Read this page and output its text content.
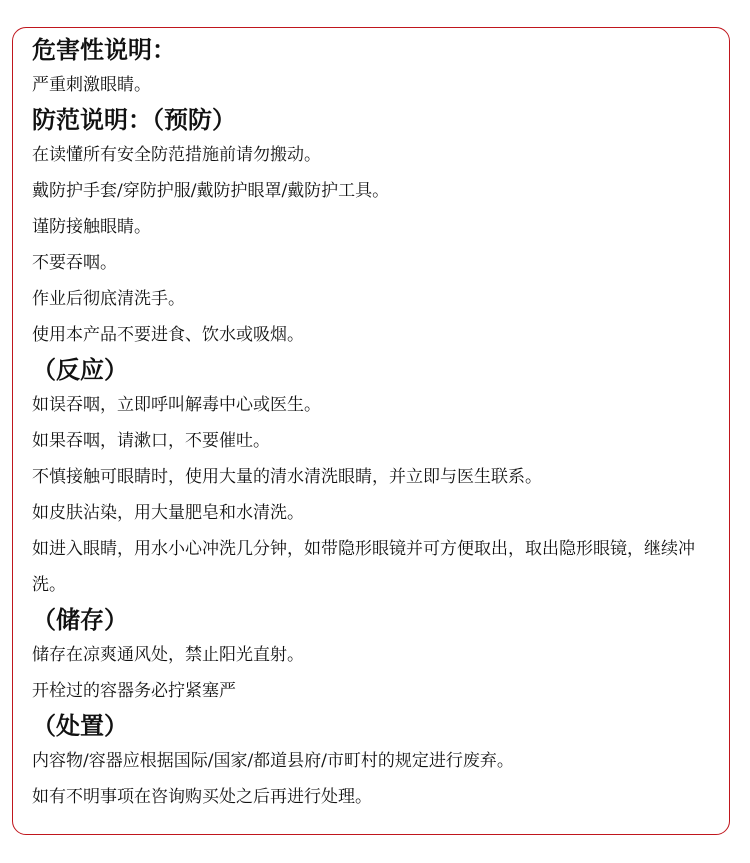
危害性说明：

严重刺激眼睛。

防范说明：（预防）

在读懂所有安全防范措施前请勿搬动。

戴防护手套/穿防护服/戴防护眼罩/戴防护工具。

谨防接触眼睛。

不要吞咽。

作业后彻底清洗手。

使用本产品不要进食、饮水或吸烟。

（反应）

如误吞咽，立即呼叫解毒中心或医生。

如果吞咽，请漱口，不要催吐。

不慎接触可眼睛时，使用大量的清水清洗眼睛，并立即与医生联系。

如皮肤沾染，用大量肥皂和水清洗。

如进入眼睛，用水小心冲洗几分钟，如带隐形眼镜并可方便取出，取出隐形眼镜，继续冲洗。

（储存）

储存在凉爽通风处，禁止阳光直射。

开栓过的容器务必拧紧塞严

（处置）

内容物/容器应根据国际/国家/都道县府/市町村的规定进行废弃。

如有不明事项在咨询购买处之后再进行处理。
